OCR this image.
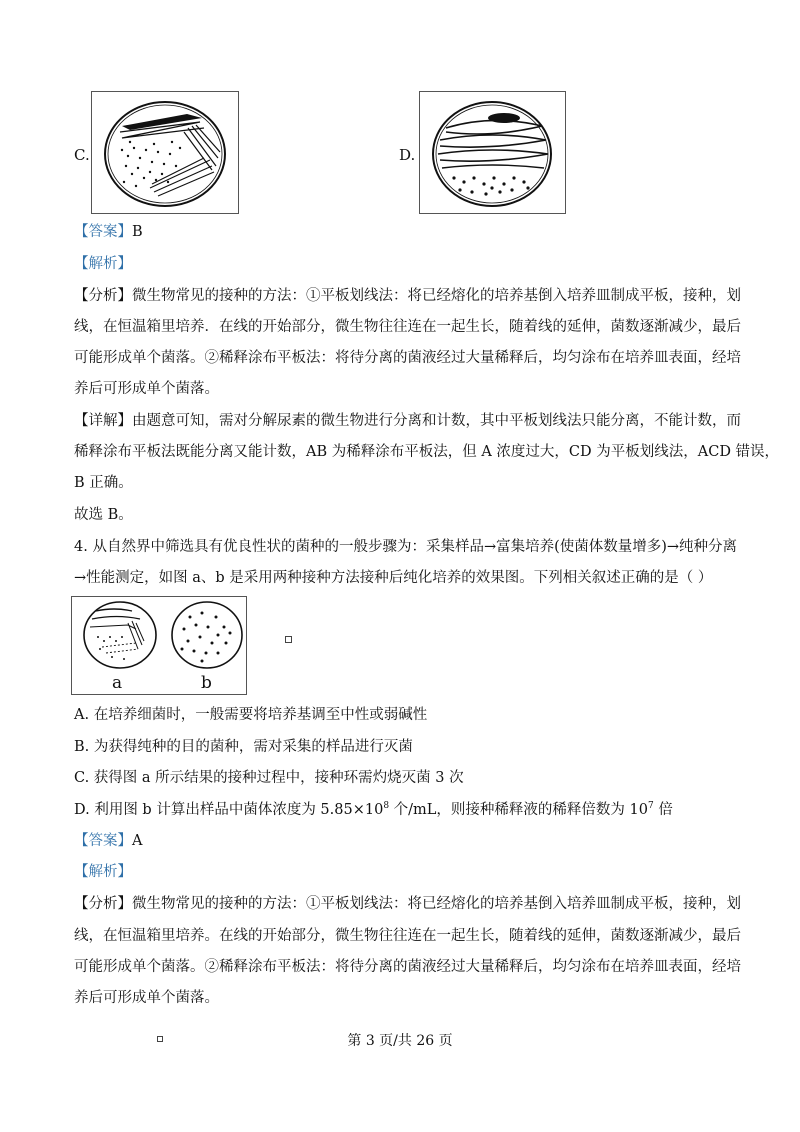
C.	D.
【答案】B
【解析】
【分析】微生物常见的接种的方法：①平板划线法：将已经熔化的培养基倒入培养皿制成平板，接种，划
线，在恒温箱里培养．在线的开始部分，微生物往往连在一起生长，随着线的延伸，菌数逐渐减少，最后
可能形成单个菌落。②稀释涂布平板法：将待分离的菌液经过大量稀释后，均匀涂布在培养皿表面，经培
养后可形成单个菌落。
【详解】由题意可知，需对分解尿素的微生物进行分离和计数，其中平板划线法只能分离，不能计数，而
稀释涂布平板法既能分离又能计数，AB 为稀释涂布平板法，但 A 浓度过大，CD 为平板划线法，ACD 错误，
B 正确。
故选 B。
4. 从自然界中筛选具有优良性状的菌种的一般步骤为：采集样品→富集培养(使菌体数量增多)→纯种分离
→性能测定，如图 a、b 是采用两种接种方法接种后纯化培养的效果图。下列相关叙述正确的是（ ）
a	b
A. 在培养细菌时，一般需要将培养基调至中性或弱碱性
B. 为获得纯种的目的菌种，需对采集的样品进行灭菌
C. 获得图 a 所示结果的接种过程中，接种环需灼烧灭菌 3 次
D. 利用图 b 计算出样品中菌体浓度为 $5.85\times 10^8$ 个/mL，则接种稀释液的稀释倍数为 $10^7$ 倍
【答案】A
【解析】
【分析】微生物常见的接种的方法：①平板划线法：将已经熔化的培养基倒入培养皿制成平板，接种，划
线，在恒温箱里培养。在线的开始部分，微生物往往连在一起生长，随着线的延伸，菌数逐渐减少，最后
可能形成单个菌落。②稀释涂布平板法：将待分离的菌液经过大量稀释后，均匀涂布在培养皿表面，经培
养后可形成单个菌落。
第 3 页/共 26 页
